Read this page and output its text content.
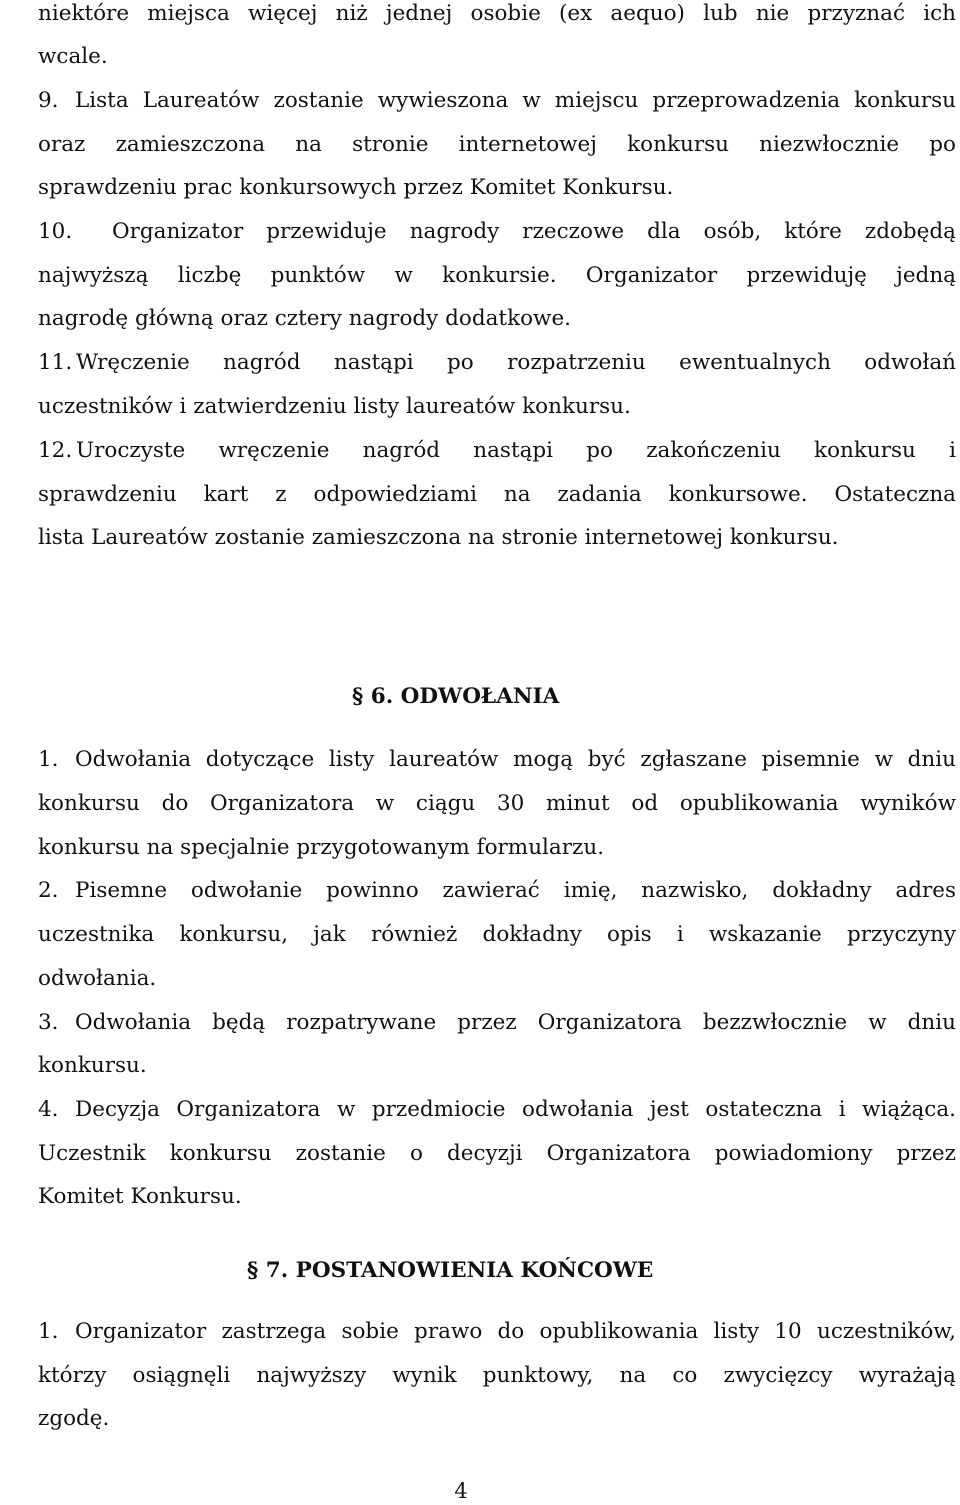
niektóre miejsca więcej niż jednej osobie (ex aequo) lub nie przyznać ich
wcale.
9. Lista Laureatów zostanie wywieszona w miejscu przeprowadzenia konkursu
oraz zamieszczona na stronie internetowej konkursu niezwłocznie po
sprawdzeniu prac konkursowych przez Komitet Konkursu.
10. Organizator przewiduje nagrody rzeczowe dla osób, które zdobędą
najwyższą liczbę punktów w konkursie. Organizator przewiduję jedną
nagrodę główną oraz cztery nagrody dodatkowe.
11. Wręczenie nagród nastąpi po rozpatrzeniu ewentualnych odwołań
uczestników i zatwierdzeniu listy laureatów konkursu.
12. Uroczyste wręczenie nagród nastąpi po zakończeniu konkursu i
sprawdzeniu kart z odpowiedziami na zadania konkursowe. Ostateczna
lista Laureatów zostanie zamieszczona na stronie internetowej konkursu.
§ 6. ODWOŁANIA
1. Odwołania dotyczące listy laureatów mogą być zgłaszane pisemnie w dniu
konkursu do Organizatora w ciągu 30 minut od opublikowania wyników
konkursu na specjalnie przygotowanym formularzu.
2. Pisemne odwołanie powinno zawierać imię, nazwisko, dokładny adres
uczestnika konkursu, jak również dokładny opis i wskazanie przyczyny
odwołania.
3. Odwołania będą rozpatrywane przez Organizatora bezzwłocznie w dniu
konkursu.
4. Decyzja Organizatora w przedmiocie odwołania jest ostateczna i wiążąca.
Uczestnik konkursu zostanie o decyzji Organizatora powiadomiony przez
Komitet Konkursu.
§ 7. POSTANOWIENIA KOŃCOWE
1. Organizator zastrzega sobie prawo do opublikowania listy 10 uczestników,
którzy osiągnęli najwyższy wynik punktowy, na co zwycięzcy wyrażają
zgodę.
4
